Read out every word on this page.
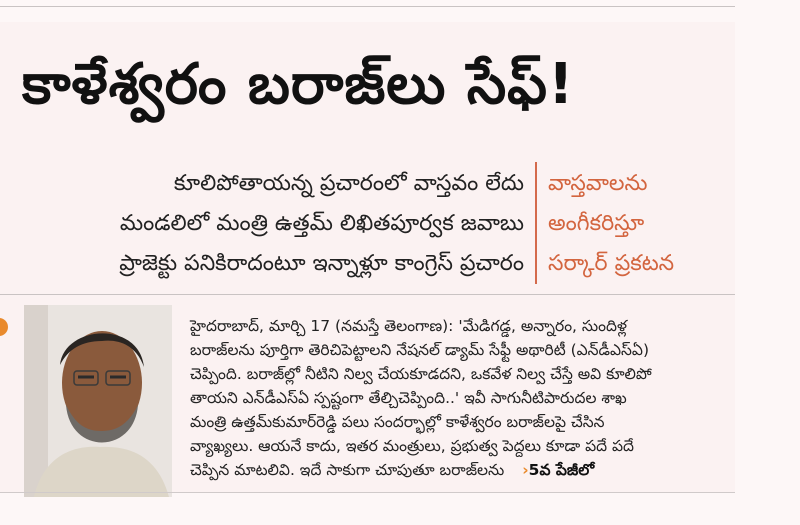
కాళేశ్వరం బరాజ్‌లు సేఫ్!
కూలిపోతాయన్న ప్రచారంలో వాస్తవం లేదు
మండలిలో మంత్రి ఉత్తమ్ లిఖితపూర్వక జవాబు
ప్రాజెక్టు పనికిరాదంటూ ఇన్నాళ్లూ కాంగ్రెస్ ప్రచారం
వాస్తవాలను
అంగీకరిస్తూ
సర్కార్ ప్రకటన

హైదరాబాద్, మార్చి 17 (నమస్తే తెలంగాణ): 'మేడిగడ్డ, అన్నారం, సుందిళ్ల

బరాజ్‌లను పూర్తిగా తెరిచిపెట్టాలని నేషనల్ డ్యామ్ సేఫ్టీ అథారిటీ (ఎన్‌డీఎస్‌ఏ)

చెప్పింది. బరాజ్‌ల్లో నీటిని నిల్వ చేయకూడదని, ఒకవేళ నిల్వ చేస్తే అవి కూలిపో

తాయని ఎన్‌డీఎస్‌ఏ స్పష్టంగా తేల్చిచెప్పింది..' ఇవీ సాగునీటిపారుదల శాఖ

మంత్రి ఉత్తమ్‌కుమార్‌రెడ్డి పలు సందర్భాల్లో కాళేశ్వరం బరాజ్‌లపై చేసిన

వ్యాఖ్యలు. ఆయనే కాదు, ఇతర మంత్రులు, ప్రభుత్వ పెద్దలు కూడా పదే పదే

చెప్పిన మాటలివి. ఇదే సాకుగా చూపుతూ బరాజ్‌లను ›5వ పేజీలో
